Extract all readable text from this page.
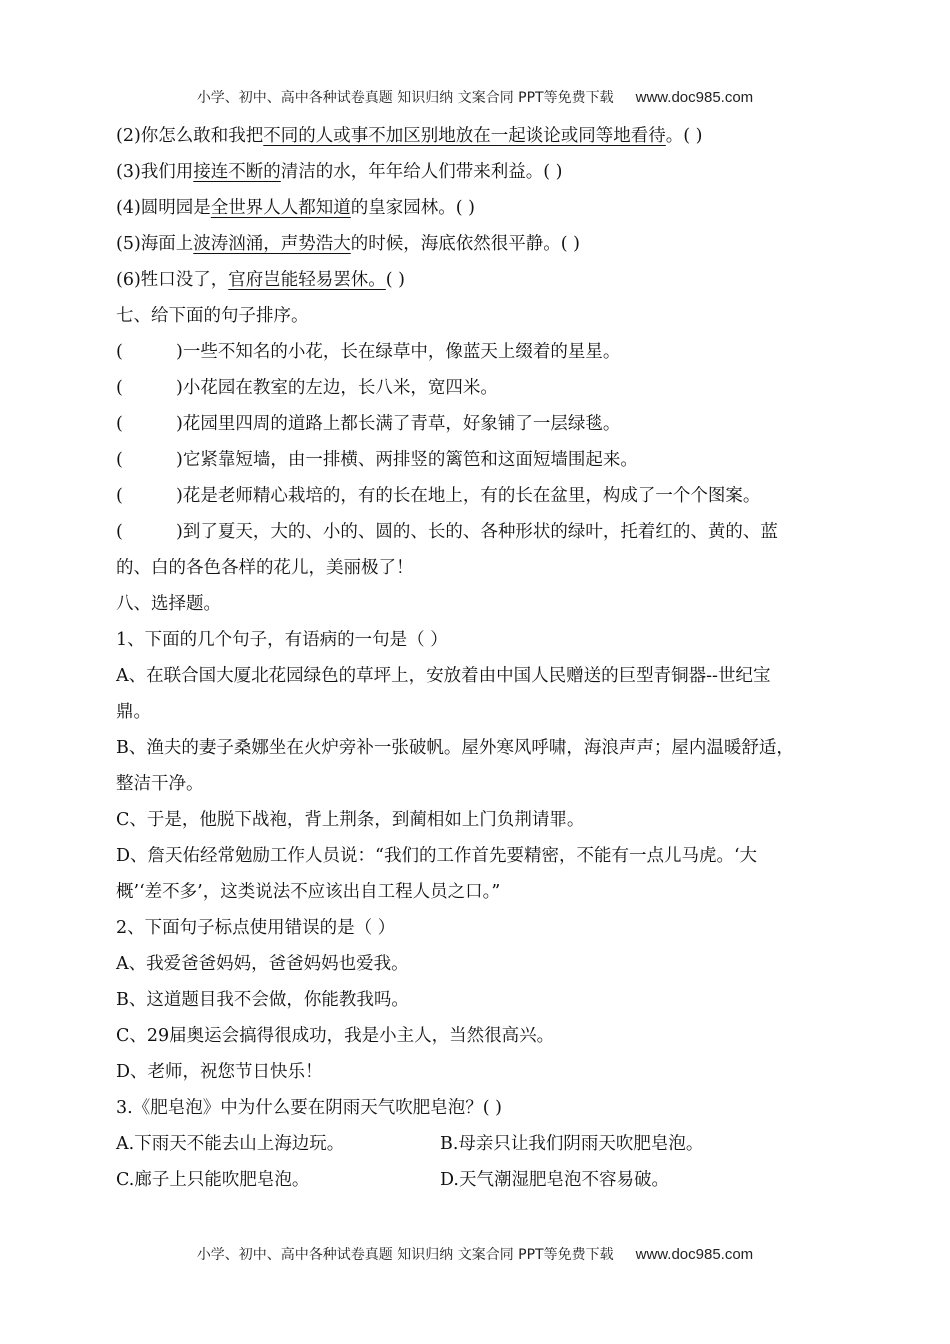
小学、初中、高中各种试卷真题 知识归纳 文案合同 PPT等免费下载 www.doc985.com
(2)你怎么敢和我把不同的人或事不加区别地放在一起谈论或同等地看待。( )
(3)我们用接连不断的清洁的水，年年给人们带来利益。( )
(4)圆明园是全世界人人都知道的皇家园林。( )
(5)海面上波涛汹涌，声势浩大的时候，海底依然很平静。( )
(6)牲口没了，官府岂能轻易罢休。( )
七、给下面的句子排序。
(	)一些不知名的小花，长在绿草中，像蓝天上缀着的星星。
(	)小花园在教室的左边，长八米，宽四米。
(	)花园里四周的道路上都长满了青草，好象铺了一层绿毯。
(	)它紧靠短墙，由一排横、两排竖的篱笆和这面短墙围起来。
(	)花是老师精心栽培的，有的长在地上，有的长在盆里，构成了一个个图案。
(	)到了夏天，大的、小的、圆的、长的、各种形状的绿叶，托着红的、黄的、蓝
的、白的各色各样的花儿，美丽极了！
八、选择题。
1、下面的几个句子，有语病的一句是（ ）
A、在联合国大厦北花园绿色的草坪上，安放着由中国人民赠送的巨型青铜器--世纪宝
鼎。
B、渔夫的妻子桑娜坐在火炉旁补一张破帆。屋外寒风呼啸，海浪声声；屋内温暖舒适，
整洁干净。
C、于是，他脱下战袍，背上荆条，到蔺相如上门负荆请罪。
D、詹天佑经常勉励工作人员说：“我们的工作首先要精密，不能有一点儿马虎。‘大
概’‘差不多’，这类说法不应该出自工程人员之口。”
2、下面句子标点使用错误的是（ ）
A、我爱爸爸妈妈，爸爸妈妈也爱我。
B、这道题目我不会做，你能教我吗。
C、29届奥运会搞得很成功，我是小主人，当然很高兴。
D、老师，祝您节日快乐！
3.《肥皂泡》中为什么要在阴雨天气吹肥皂泡？( )
A.下雨天不能去山上海边玩。	B.母亲只让我们阴雨天吹肥皂泡。
C.廊子上只能吹肥皂泡。	D.天气潮湿肥皂泡不容易破。
小学、初中、高中各种试卷真题 知识归纳 文案合同 PPT等免费下载 www.doc985.com
